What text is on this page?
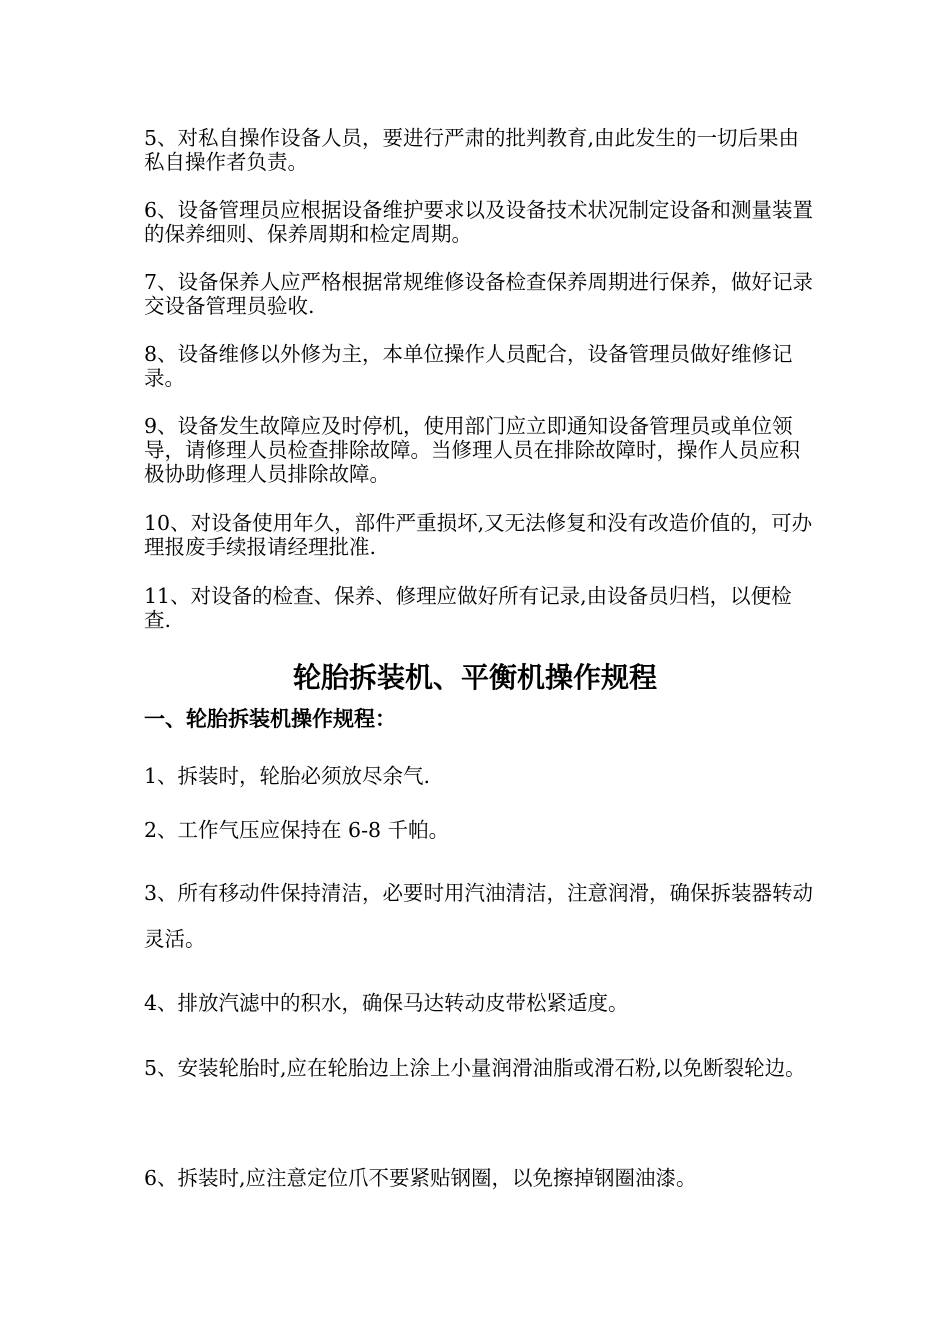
5、对私自操作设备人员，要进行严肃的批判教育,由此发生的一切后果由私自操作者负责。

6、设备管理员应根据设备维护要求以及设备技术状况制定设备和测量装置的保养细则、保养周期和检定周期。

7、设备保养人应严格根据常规维修设备检查保养周期进行保养，做好记录交设备管理员验收.

8、设备维修以外修为主，本单位操作人员配合，设备管理员做好维修记录。

9、设备发生故障应及时停机，使用部门应立即通知设备管理员或单位领导，请修理人员检查排除故障。当修理人员在排除故障时，操作人员应积极协助修理人员排除故障。

10、对设备使用年久，部件严重损坏,又无法修复和没有改造价值的，可办理报废手续报请经理批准.

11、对设备的检查、保养、修理应做好所有记录,由设备员归档，以便检查.

轮胎拆装机、平衡机操作规程
一、轮胎拆装机操作规程：

1、拆装时，轮胎必须放尽余气.

2、工作气压应保持在 6-8 千帕。

3、所有移动件保持清洁，必要时用汽油清洁，注意润滑，确保拆装器转动灵活。

4、排放汽滤中的积水，确保马达转动皮带松紧适度。

5、安装轮胎时,应在轮胎边上涂上小量润滑油脂或滑石粉,以免断裂轮边。

6、拆装时,应注意定位爪不要紧贴钢圈，以免擦掉钢圈油漆。
